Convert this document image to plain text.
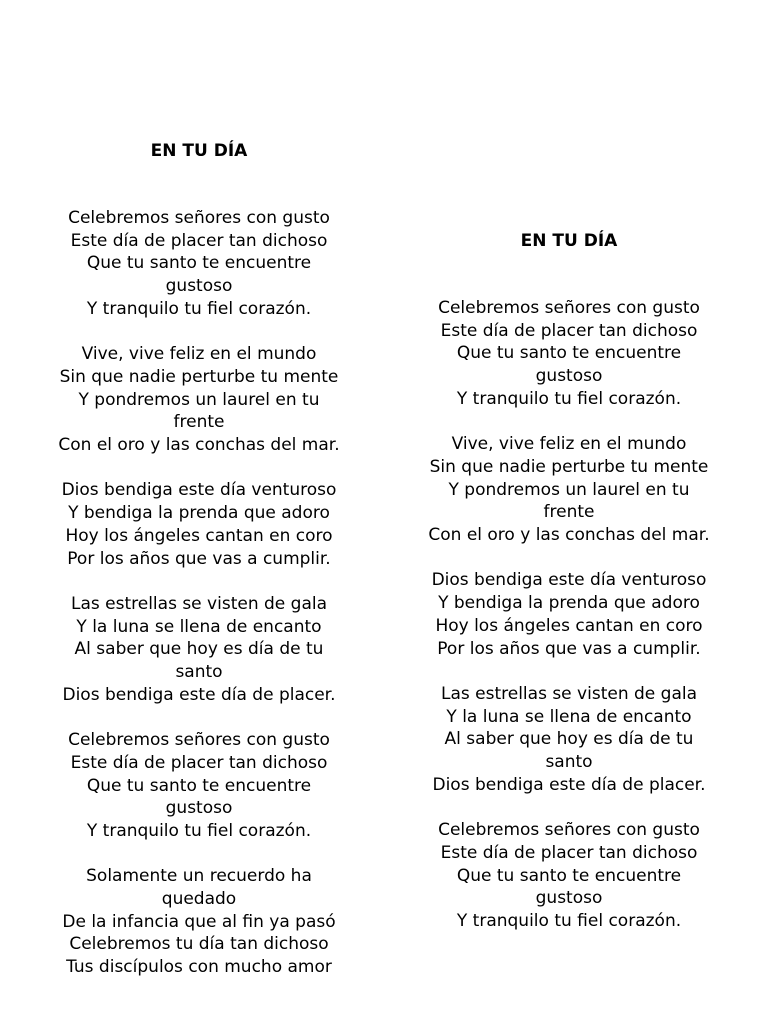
EN TU DÍA
Celebremos señores con gusto
Este día de placer tan dichoso
Que tu santo te encuentre
gustoso
Y tranquilo tu fiel corazón.
Vive, vive feliz en el mundo
Sin que nadie perturbe tu mente
Y pondremos un laurel en tu
frente
Con el oro y las conchas del mar.
Dios bendiga este día venturoso
Y bendiga la prenda que adoro
Hoy los ángeles cantan en coro
Por los años que vas a cumplir.
Las estrellas se visten de gala
Y la luna se llena de encanto
Al saber que hoy es día de tu
santo
Dios bendiga este día de placer.
Celebremos señores con gusto
Este día de placer tan dichoso
Que tu santo te encuentre
gustoso
Y tranquilo tu fiel corazón.
Solamente un recuerdo ha
quedado
De la infancia que al fin ya pasó
Celebremos tu día tan dichoso
Tus discípulos con mucho amor
EN TU DÍA
Celebremos señores con gusto
Este día de placer tan dichoso
Que tu santo te encuentre
gustoso
Y tranquilo tu fiel corazón.
Vive, vive feliz en el mundo
Sin que nadie perturbe tu mente
Y pondremos un laurel en tu
frente
Con el oro y las conchas del mar.
Dios bendiga este día venturoso
Y bendiga la prenda que adoro
Hoy los ángeles cantan en coro
Por los años que vas a cumplir.
Las estrellas se visten de gala
Y la luna se llena de encanto
Al saber que hoy es día de tu
santo
Dios bendiga este día de placer.
Celebremos señores con gusto
Este día de placer tan dichoso
Que tu santo te encuentre
gustoso
Y tranquilo tu fiel corazón.
